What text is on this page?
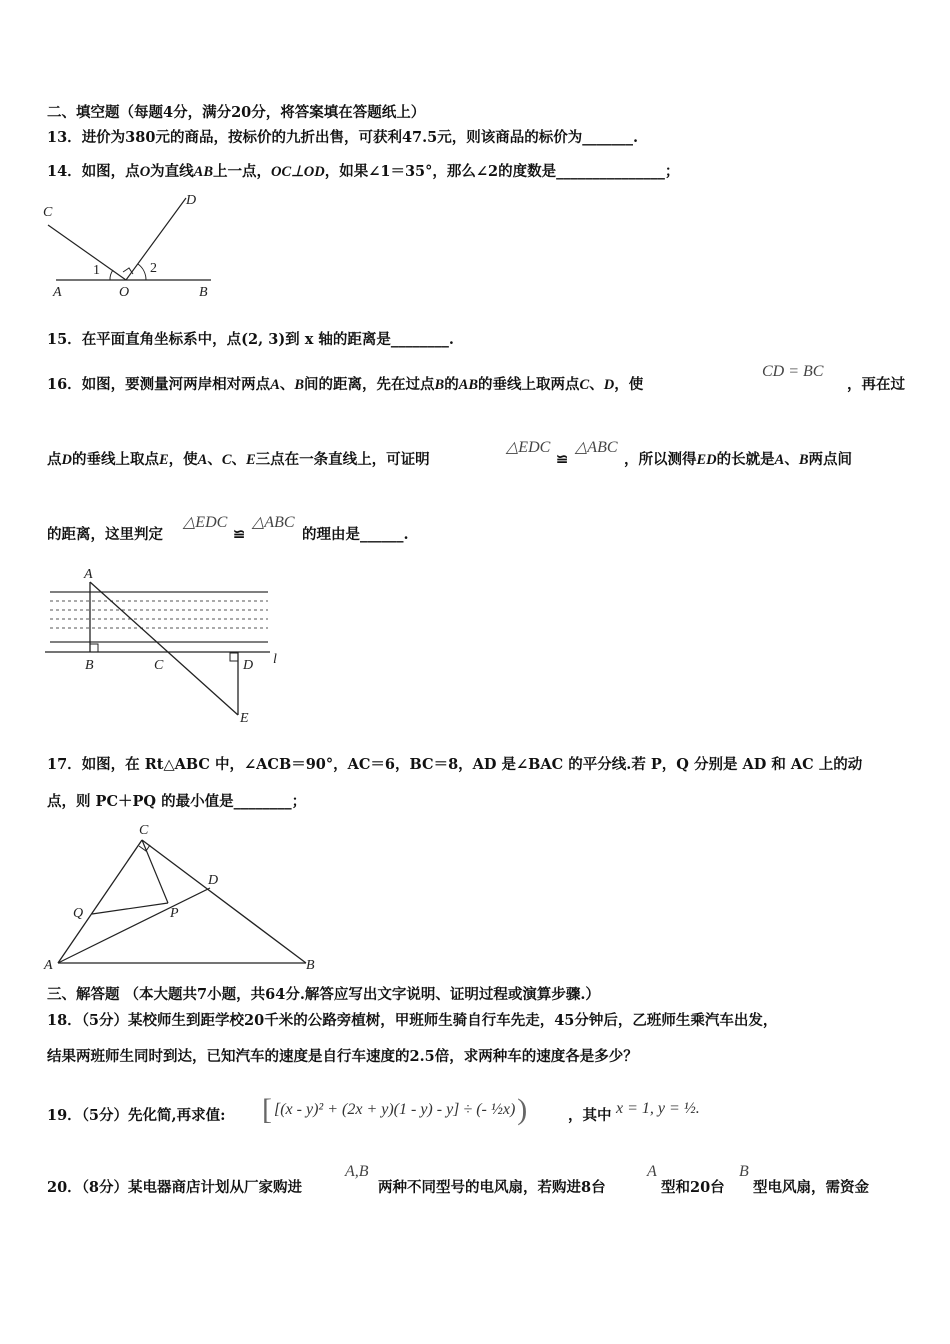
二、填空题（每题4分，满分20分，将答案填在答题纸上）
13．进价为380元的商品，按标价的九折出售，可获利47.5元，则该商品的标价为_______.
14．如图，点O为直线AB上一点，OC⊥OD，如果∠1＝35°，那么∠2的度数是_______________；
C
D
A	O	B
1	2
15．在平面直角坐标系中，点(2, 3)到 x 轴的距离是________.
16．如图，要测量河两岸相对两点A、B间的距离，先在过点B的AB的垂线上取两点C、D，使
CD = BC
，再在过
点D的垂线上取点E，使A、C、E三点在一条直线上，可证明
△EDC
≌
△ABC
，所以测得ED的长就是A、B两点间
的距离，这里判定
△EDC
≌
△ABC
的理由是______.
A
B	C	D
E
l
17．如图，在 Rt△ABC 中，∠ACB＝90°，AC＝6，BC＝8，AD 是∠BAC 的平分线.若 P，Q 分别是 AD 和 AC 上的动
点，则 PC＋PQ 的最小值是________；
C
D
Q	P
A	B
三、解答题 （本大题共7小题，共64分.解答应写出文字说明、证明过程或演算步骤.）
18．（5分）某校师生到距学校20千米的公路旁植树，甲班师生骑自行车先走，45分钟后，乙班师生乘汽车出发，
结果两班师生同时到达，已知汽车的速度是自行车速度的2.5倍，求两种车的速度各是多少？
19．（5分）先化简,再求值: [ [(x - y)² + (2x + y)(1 - y) - y] ÷ (- ½x) )	，其中 x = 1, y = ½.
20．（8分）某电器商店计划从厂家购进
A,B
两种不同型号的电风扇，若购进8台
A
型和20台
B
型电风扇，需资金
